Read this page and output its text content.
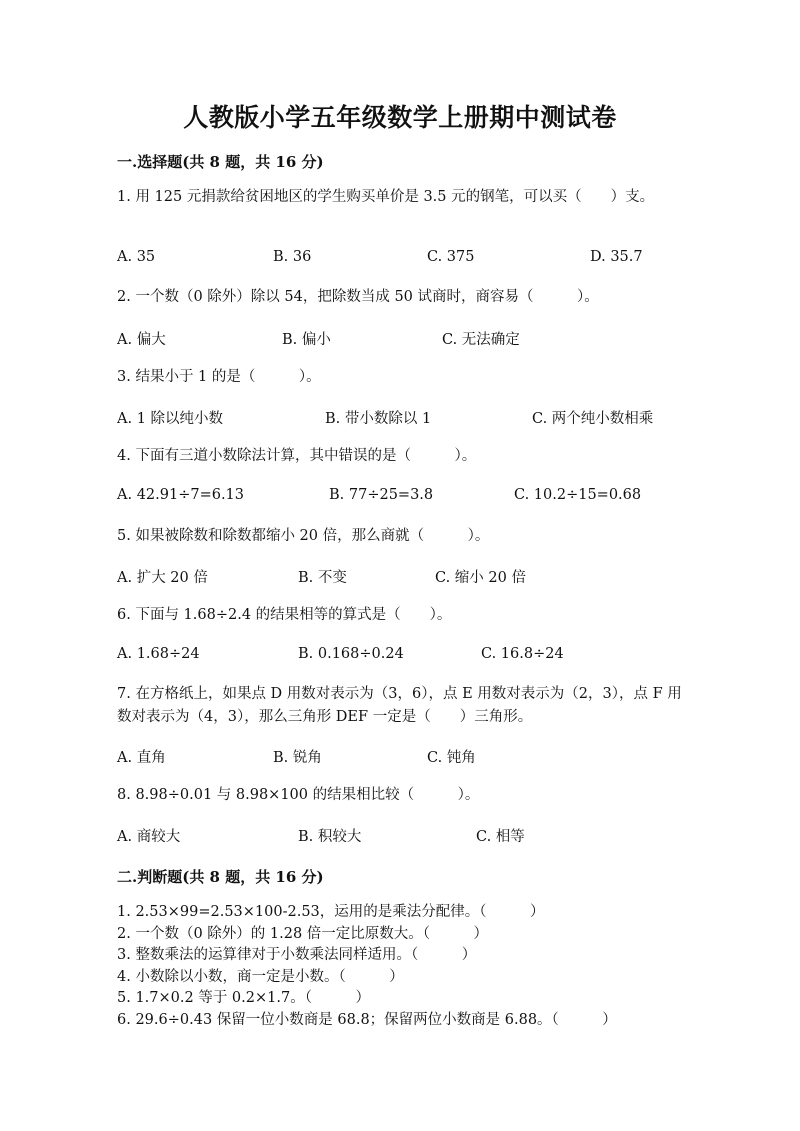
人教版小学五年级数学上册期中测试卷
一.选择题(共 8 题，共 16 分)
1. 用 125 元捐款给贫困地区的学生购买单价是 3.5 元的钢笔，可以买（　　）支。
A. 35	B. 36	C. 375	D. 35.7
2. 一个数（0 除外）除以 54，把除数当成 50 试商时，商容易（　　　）。
A. 偏大	B. 偏小	C. 无法确定
3. 结果小于 1 的是（　　　）。
A. 1 除以纯小数	B. 带小数除以 1	C. 两个纯小数相乘
4. 下面有三道小数除法计算，其中错误的是（　　　）。
A. 42.91÷7=6.13	B. 77÷25=3.8	C. 10.2÷15=0.68
5. 如果被除数和除数都缩小 20 倍，那么商就（　　　）。
A. 扩大 20 倍	B. 不变	C. 缩小 20 倍
6. 下面与 1.68÷2.4 的结果相等的算式是（　　）。
A. 1.68÷24	B. 0.168÷0.24	C. 16.8÷24
7. 在方格纸上，如果点 D 用数对表示为（3，6），点 E 用数对表示为（2，3），点 F 用数对表示为（4，3），那么三角形 DEF 一定是（　　）三角形。
A. 直角	B. 锐角	C. 钝角
8. 8.98÷0.01 与 8.98×100 的结果相比较（　　　）。
A. 商较大	B. 积较大	C. 相等
二.判断题(共 8 题，共 16 分)
1. 2.53×99=2.53×100-2.53，运用的是乘法分配律。（　　　）
2. 一个数（0 除外）的 1.28 倍一定比原数大。（　　　）
3. 整数乘法的运算律对于小数乘法同样适用。（　　　）
4. 小数除以小数，商一定是小数。（　　　）
5. 1.7×0.2 等于 0.2×1.7。（　　　）
6. 29.6÷0.43 保留一位小数商是 68.8；保留两位小数商是 6.88。（　　　）
